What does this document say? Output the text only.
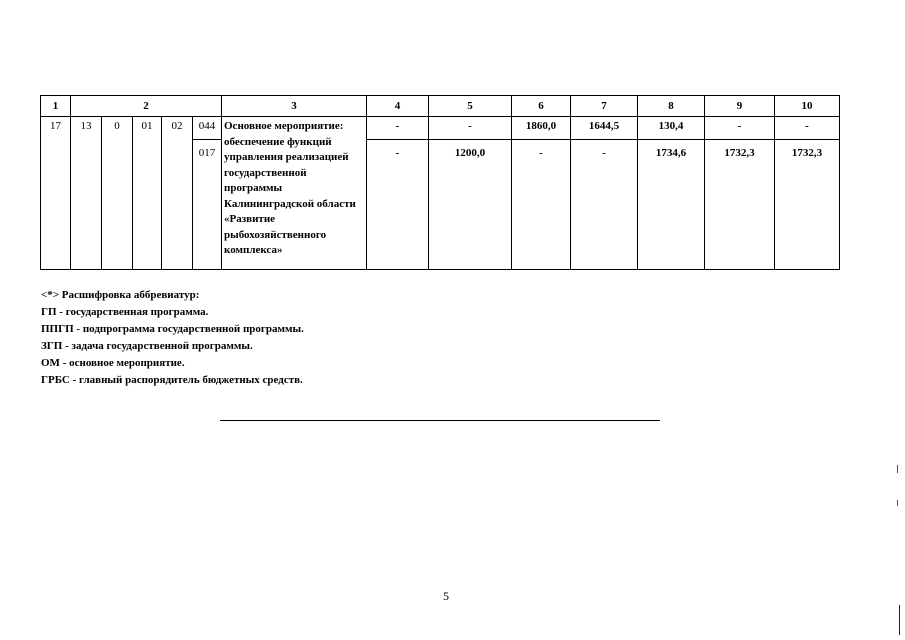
1	2					3	4	5	6	7	8	9	10
17	13	0	01	02	044	Основное мероприятие: обеспечение функций управления реализацией государственной программы Калининградской области «Развитие рыбохозяйственного комплекса»	-	-	1860,0	1644,5	130,4	-	-
					017		-	1200,0	-	-	1734,6	1732,3	1732,3
<*> Расшифровка аббревиатур:
ГП - государственная программа.
ППГП - подпрограмма государственной программы.
ЗГП - задача государственной программы.
ОМ - основное мероприятие.
ГРБС - главный распорядитель бюджетных средств.
5
